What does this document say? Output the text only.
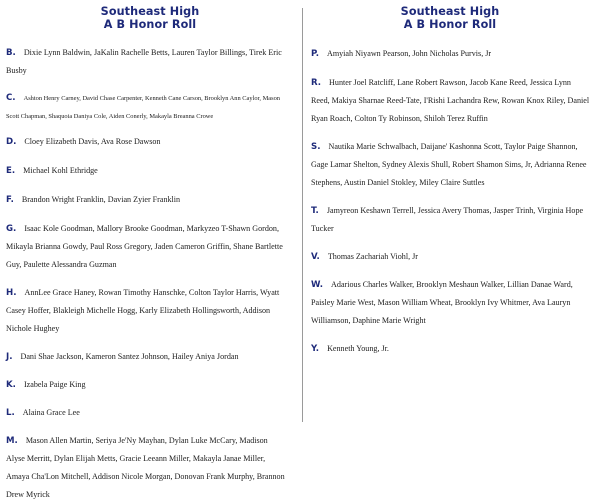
Southeast High
A B Honor Roll

B. Dixie Lynn Baldwin, JaKalin Rachelle Betts, Lauren Taylor Billings, Tirek Eric Busby

C. Ashton Henry Carney, David Chase Carpenter, Kenneth Cane Carson, Brooklyn Ann Caylor, Mason Scott Chapman, Shaquoia Daniya Cole, Aiden Conerly, Makayla Breanna Crowe

D. Cloey Elizabeth Davis, Ava Rose Dawson

E. Michael Kohl Ethridge

F. Brandon Wright Franklin, Davian Zyier Franklin

G. Isaac Kole Goodman, Mallory Brooke Goodman, Markyzeo T-Shawn Gordon, Mikayla Brianna Gowdy, Paul Ross Gregory, Jaden Cameron Griffin, Shane Bartlette Guy, Paulette Alessandra Guzman

H. AnnLee Grace Haney, Rowan Timothy Hanschke, Colton Taylor Harris, Wyatt Casey Hoffer, Blakleigh Michelle Hogg, Karly Elizabeth Hollingsworth, Addison Nichole Hughey

J. Dani Shae Jackson, Kameron Santez Johnson, Hailey Aniya Jordan

K. Izabela Paige King

L. Alaina Grace Lee

M. Mason Allen Martin, Seriya Je'Ny Mayhan, Dylan Luke McCary, Madison Alyse Merritt, Dylan Elijah Metts, Gracie Leeann Miller, Makayla Janae Miller, Amaya Cha'Lon Mitchell, Addison Nicole Morgan, Donovan Frank Murphy, Brannon Drew Myrick

Southeast High
A B Honor Roll

P. Amyiah Niyawn Pearson, John Nicholas Purvis, Jr

R. Hunter Joel Ratcliff, Lane Robert Rawson, Jacob Kane Reed, Jessica Lynn Reed, Makiya Sharnae Reed-Tate, I'Rishi Lachandra Rew, Rowan Knox Riley, Daniel Ryan Roach, Colton Ty Robinson, Shiloh Terez Ruffin

S. Nautika Marie Schwalbach, Daijane' Kashonna Scott, Taylor Paige Shannon, Gage Lamar Shelton, Sydney Alexis Shull, Robert Shamon Sims, Jr, Adrianna Renee Stephens, Austin Daniel Stokley, Miley Claire Suttles

T. Jamyreon Keshawn Terrell, Jessica Avery Thomas, Jasper Trinh, Virginia Hope Tucker

V. Thomas Zachariah Viohl, Jr

W. Adarious Charles Walker, Brooklyn Meshaun Walker, Lillian Danae Ward, Paisley Marie West, Mason William Wheat, Brooklyn Ivy Whitmer, Ava Lauryn Williamson, Daphine Marie Wright

Y. Kenneth Young, Jr.
